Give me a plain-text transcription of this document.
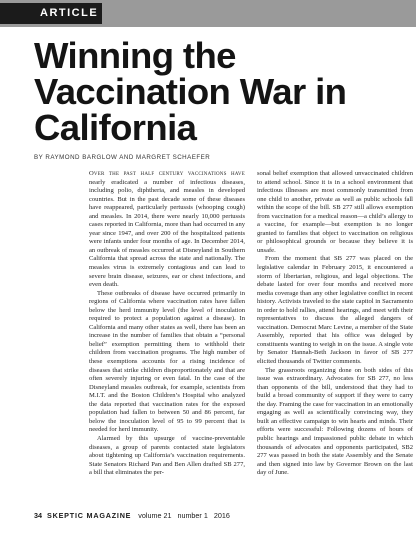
ARTICLE
Winning the Vaccination War in California

BY RAYMOND BARGLOW AND MARGRET SCHAEFER

Over the past half century vaccinations have nearly eradicated a number of infectious diseases, including polio, diphtheria, and measles in developed countries. But in the past decade some of these diseases have reappeared, particularly pertussis (whooping cough) and measles. In 2014, there were nearly 10,000 pertussis cases reported in California, more than had occurred in any year since 1947, and over 200 of the hospitalized patients were infants under four months of age. In December 2014, an outbreak of measles occurred at Disneyland in Southern California that spread across the state and nationally. The measles virus is extremely contagious and can lead to severe brain disease, seizures, ear or chest infections, and even death.

These outbreaks of disease have occurred primarily in regions of California where vaccination rates have fallen below the herd immunity level (the level of inoculation required to protect a population against a disease). In California and many other states as well, there has been an increase in the number of families that obtain a “personal belief” exemption permitting them to withhold their children from vaccination programs. The high number of these exemptions accounts for a rising incidence of diseases that strike children disproportionately and that are often severely injuring or even fatal. In the case of the Disneyland measles outbreak, for example, scientists from M.I.T. and the Boston Children’s Hospital who analyzed the data reported that vaccination rates for the exposed population had fallen to between 50 and 86 percent, far below the inoculation level of 95 to 99 percent that is needed for herd immunity.

Alarmed by this upsurge of vaccine-preventable diseases, a group of parents contacted state legislators about tightening up California’s vaccination requirements. State Senators Richard Pan and Ben Allen drafted SB 277, a bill that eliminates the per-

sonal belief exemption that allowed unvaccinated children to attend school. Since it is in a school environment that infectious illnesses are most commonly transmitted from one child to another, private as well as public schools fall within the scope of the bill. SB 277 still allows exemption from vaccination for a medical reason—a child’s allergy to a vaccine, for example—but exemption is no longer granted to families that object to vaccination on religious or philosophical grounds or because they believe it is unsafe.

From the moment that SB 277 was placed on the legislative calendar in February 2015, it encountered a storm of libertarian, religious, and legal objections. The debate lasted for over four months and received more media coverage than any other legislative conflict in recent history. Activists traveled to the state capitol in Sacramento in order to hold rallies, attend hearings, and meet with their representatives to discuss the alleged dangers of vaccination. Democrat Marc Levine, a member of the State Assembly, reported that his office was deluged by constituents wanting to weigh in on the issue. A single vote by Senator Hannah-Beth Jackson in favor of SB 277 elicited thousands of Twitter comments.

The grassroots organizing done on both sides of this issue was extraordinary. Advocates for SB 277, no less than opponents of the bill, understood that they had to build a broad community of support if they were to carry the day. Framing the case for vaccination in an emotionally engaging as well as scientifically convincing way, they built an effective campaign to win hearts and minds. Their efforts were successful: Following dozens of hours of public hearings and impassioned public debate in which thousands of advocates and opponents participated, SB2 277 was passed in both the state Assembly and the Senate and then signed into law by Governor Brown on the last day of June.

34 SKEPTIC MAGAZINE volume 21 number 1 2016
